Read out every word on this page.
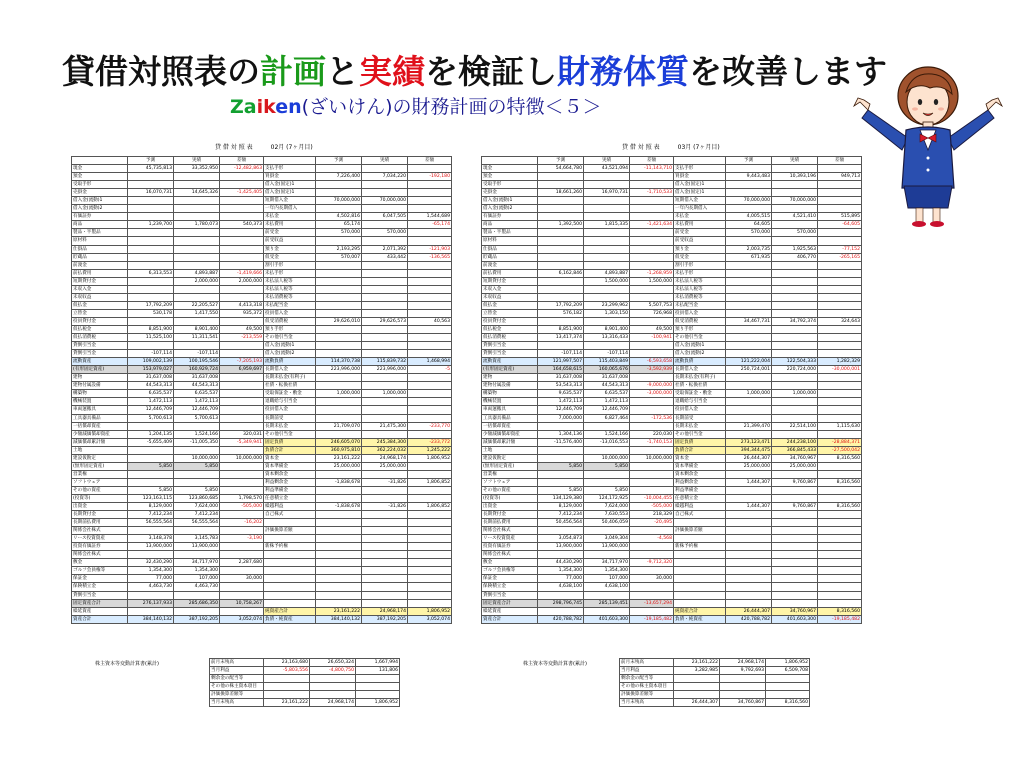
貸借対照表の計画と実績を検証し財務体質を改善します
Zaiken(ざいけん)の財務計画の特徴＜５＞
貸 借 対 照 表　　　02月 (7ヶ月目)	貸 借 対 照 表　　　03月 (7ヶ月目)
	予測	実績	差額		予測	実績	差額
現金	45,735,813	33,352,950	-12,482,863	支払手形			
預金				買掛金	7,226,400	7,034,220	-192,180
受取手形				借入金(固定)1			
売掛金	16,070,731	14,645,326	-1,425,405	借入金(固定)1			
借入金(流動)1				短期借入金	70,000,000	70,000,000	
借入金(流動)2				一年内長期借入			
有価証券				未払金	4,502,816	6,047,505	1,544,689
商品	1,239,700	1,780,073	540,373	未払費用	65,174		-65,174
製品・半製品				前受金	570,000	570,000	
原材料				前受収益			
仕掛品				預り金	2,193,295	2,071,392	-121,903
貯蔵品				仮受金	570,007	433,442	-136,565
前渡金				割引手形			
前払費用	6,313,553	4,893,887	-1,419,666	未払手形			
短期貸付金		2,000,000	2,000,000	未払法人税等			
未収入金				未払法人税等			
未収収益				未払消費税等			
仮払金	17,792,209	22,205,527	4,413,318	未払配当金			
立替金	530,178	1,417,550	935,372	役員借入金			
役員貸付金				仮受消費税	29,626,010	29,626,573	40,563
仮払税金	8,851,900	8,901,400	49,500	預り手形			
仮払消費税	11,525,100	11,311,541	-213,559	その他引当金			
貸倒引当金				借入金(流動)1			
貸倒引当金	-107,114	-107,114		借入金(流動)2			
流動資産	109,002,139	100,195,546	-7,205,193	流動負債	114,370,738	115,839,732	1,468,994
(有形固定資産)	153,979,027	160,929,724	6,959,697	長期借入金	223,996,000	223,996,000	-5
建物	31,637,008	31,637,008		長期未払金(有利子)			
建物付属設備	44,543,313	44,543,313		社債・転換社債			
構築物	6,635,537	6,635,537		受取保証金・敷金	1,000,000	1,000,000	
機械装置	1,472,113	1,472,113		退職給与引当金			
車両運搬具	12,446,709	12,446,709		役員借入金			
工具器具備品	5,700,613	5,700,613		長期前受			
一括償却資産				長期未払金	21,709,070	21,475,300	-233,770
少額減価償却資産	1,204,135	1,524,166	320,031	その他引当金			
減価償却累計額	-5,655,409	-11,005,350	-5,349,941	固定負債	246,605,070	245,384,300	-233,772
土地				負債合計	360,975,810	362,224,032	1,245,222
建設仮勘定		10,000,000	10,000,000	資本金	23,161,222	24,968,174	1,806,952
(無形固定資産)	5,850	5,850		資本準備金	25,000,000	25,000,000	
営業権				資本剰余金			
ソフトウェア				利益剰余金	-1,838,678	-31,826	1,806,852
その他の資産	5,850	5,850		利益準備金			
(投資等)	123,163,115	123,860,685	1,798,570	任意積立金			
出資金	8,129,000	7,624,000	-505,000	繰越利益	-1,838,678	-31,826	1,806,852
長期貸付金	7,412,234	7,412,234		自己株式			
長期前払費用	56,555,564	56,555,564	-16,202				
関係会社株式				評価換算差額			
リース投資資産	3,148,378	3,145,783	-3,190				
投資有価証券	13,900,000	13,900,000		新株予約権			
関係会社株式							
敷金	32,430,290	34,717,970	2,287,680				
ゴルフ会員権等	1,354,300	1,354,300					
保証金	77,000	107,000	30,000				
保険積立金	4,463,730	4,463,730					
貸倒引当金							
固定資産合計	276,137,933	285,686,350	10,758,267				
繰延資産				純資産合計	23,161,222	24,968,174	1,806,952
資産合計	384,140,132	387,192,205	3,052,074	負債・純資産	384,140,132	387,192,205	3,052,074
株主資本等変動計算書(累計)	前月末残高	23,163,680	26,650,324	1,667,994
当月利益	-5,803,556	-4,800,750	131,806
剰余金の配当等			
その他の株主資本項目			
評価換算差額等			
当月末残高	23,161,222	24,968,174	1,806,952
	予測	実績	差額		予測	実績	差額
現金	54,664,780	43,521,094	-11,143,710	支払手形			
預金				買掛金	9,443,483	10,393,196	949,713
受取手形				借入金(固定)1			
売掛金	18,661,260	16,970,731	-1,710,533	借入金(固定)1			
借入金(流動)1				短期借入金	70,000,000	70,000,000	
借入金(流動)2				一年内長期借入			
有価証券				未払金	4,005,515	4,521,410	515,895
商品	1,392,500	1,815,335	-1,421,634	未払費用	64,605		-64,605
製品・半製品				前受金	570,000	570,000	
原材料				前受収益			
仕掛品				預り金	2,003,735	1,925,563	-77,152
貯蔵品				仮受金	671,935	406,770	-265,165
前渡金				割引手形			
前払費用	6,162,846	4,893,887	-1,268,959	未払手形			
短期貸付金		1,500,000	1,500,000	未払法人税等			
未収入金				未払法人税等			
未収収益				未払消費税等			
仮払金	17,792,209	23,299,962	5,507,753	未払配当金			
立替金	576,182	1,303,150	726,968	役員借入金			
役員貸付金				仮受消費税	34,467,731	34,792,374	324,643
仮払税金	8,851,900	8,901,400	49,500	預り手形			
仮払消費税	13,417,374	13,316,433	-100,941	その他引当金			
貸倒引当金				借入金(流動)1			
貸倒引当金	-107,114	-107,114		借入金(流動)2			
流動資産	121,997,507	115,403,849	-6,593,658	流動負債	121,222,004	122,504,333	1,282,329
(有形固定資産)	164,658,615	160,065,676	-3,592,939	長期借入金	250,724,001	220,724,000	-30,000,001
建物	31,637,008	31,637,008		長期未払金(有利子)			
建物付属設備	53,543,313	44,543,313	-9,000,000	社債・転換社債			
構築物	9,635,537	6,635,537	-3,000,000	受取保証金・敷金	1,000,000	1,000,000	
機械装置	1,472,113	1,472,113		退職給与引当金			
車両運搬具	12,446,709	12,446,709		役員借入金			
工具器具備品	7,000,000	6,827,464	-172,536	長期前受			
一括償却資産				長期未払金	21,399,470	22,514,100	1,115,630
少額減価償却資産	1,304,136	1,524,166	220,030	その他引当金			
減価償却累計額	-11,576,400	-13,016,553	-1,740,153	固定負債	273,123,471	244,238,100	-28,884,371
土地				負債合計	394,344,475	366,845,433	-27,500,042
建設仮勘定		10,000,000	10,000,000	資本金	26,444,307	34,760,967	8,316,560
(無形固定資産)	5,850	5,850		資本準備金	25,000,000	25,000,000	
営業権				資本剰余金			
ソフトウェア				利益剰余金	1,444,307	9,760,867	8,316,560
その他の資産	5,850	5,850		利益準備金			
(投資等)	134,129,380	124,172,925	-10,004,455	任意積立金			
出資金	8,129,000	7,624,000	-505,000	繰越利益	1,444,307	9,760,867	8,316,560
長期貸付金	7,412,234	7,630,553	218,329	自己株式			
長期前払費用	50,456,564	50,406,059	-20,495				
関係会社株式				評価換算差額			
リース投資資産	3,054,873	3,049,304	-4,568				
投資有価証券	13,900,000	13,900,000		新株予約権			
関係会社株式							
敷金	44,430,290	34,717,970	-9,712,320				
ゴルフ会員権等	1,354,300	1,354,300					
保証金	77,000	107,000	30,000				
保険積立金	4,638,100	4,638,100					
貸倒引当金							
固定資産合計	298,796,745	285,139,451	-13,657,294				
繰延資産				純資産合計	26,444,307	34,760,967	8,316,560
資産合計	420,788,782	401,603,300	-19,185,482	負債・純資産	420,788,782	401,603,300	-19,185,482
株主資本等変動計算書(累計)	前月末残高	23,161,222	24,968,174	1,806,952
当月利益	3,282,985	9,792,693	6,509,708
剰余金の配当等			
その他の株主資本項目			
評価換算差額等			
当月末残高	26,444,307	34,760,867	8,316,560
